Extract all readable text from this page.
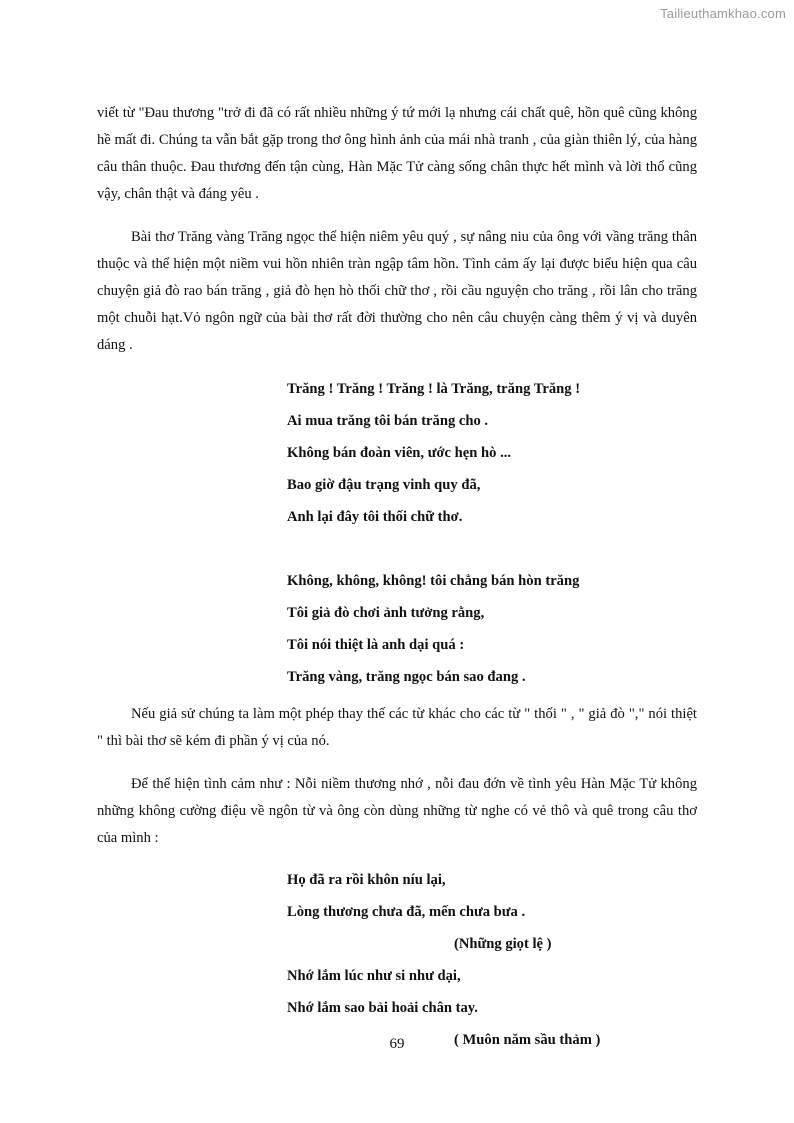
Tailieuthamkhao.com

viết từ "Đau thương "trở đi đã có rất nhiều những ý tứ mới lạ nhưng cái chất quê, hồn quê cũng không hề mất đi. Chúng ta vẫn bắt gặp trong thơ ông hình ảnh của mái nhà tranh , của giàn thiên lý, của hàng câu thân thuộc. Đau thương đến tận cùng, Hàn Mặc Tử càng sống chân thực hết mình và lời thổ cũng vậy, chân thật và đáng yêu .

Bài thơ Trăng vàng Trăng ngọc thể hiện niêm yêu quý , sự nâng niu của ông với vầng trăng thân thuộc và thể hiện một niềm vui hồn nhiên tràn ngập tâm hồn. Tình cảm ấy lại được biểu hiện qua câu chuyện giả đò rao bán trăng , giả đò hẹn hò thối chữ thơ , rồi cầu nguyện cho trăng , rồi lân cho trăng một chuỗi hạt.Vỏ ngôn ngữ của bài thơ rất đời thường cho nên câu chuyện càng thêm ý vị và duyên dáng .

Trăng ! Trăng ! Trăng ! là Trăng, trăng Trăng !
Ai mua trăng tôi bán trăng cho .
Không bán đoàn viên, ước hẹn hò ...
Bao giờ đậu trạng vinh quy đã,
Anh lại đây tôi thối chữ thơ.
Không, không, không! tôi chẳng bán hòn trăng
Tôi giả đò chơi ảnh tưởng rằng,
Tôi nói thiệt là anh dại quá :
Trăng vàng, trăng ngọc bán sao đang .

Nếu giả sử chúng ta làm một phép thay thế các từ khác cho các từ " thối " , " giả đò "," nói thiệt " thì bài thơ sẽ kém đi phần ý vị của nó.

Để thể hiện tình cảm như : Nỗi niềm thương nhớ , nỗi đau đớn về tình yêu Hàn Mặc Tử không những không cường điệu về ngôn từ và ông còn dùng những từ nghe có vẻ thô và quê trong câu thơ của mình :

Họ đã ra rồi khôn níu lại,
Lòng thương chưa đã, mến chưa bưa .
(Những giọt lệ )
Nhớ lắm lúc như si như dại,
Nhớ lắm sao bải hoải chân tay.
( Muôn năm sầu thảm )
69
